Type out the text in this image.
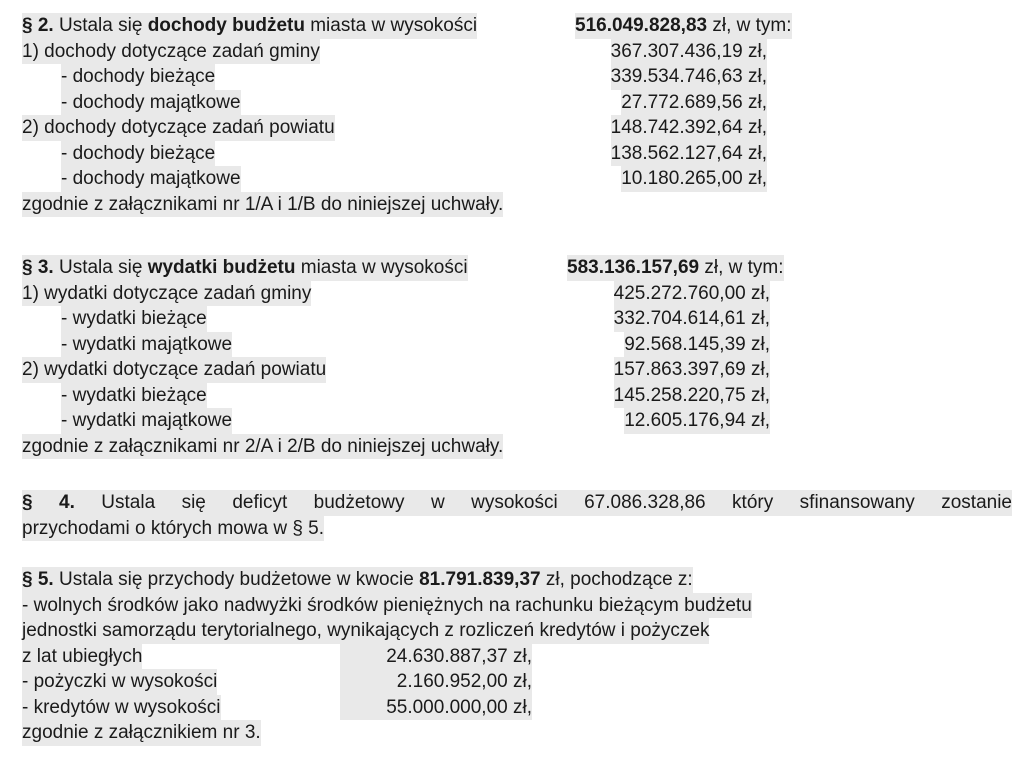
§ 2. Ustala się dochody budżetu miasta w wysokości	516.049.828,83 zł, w tym:
1) dochody dotyczące zadań gminy	367.307.436,19 zł,
- dochody bieżące	339.534.746,63 zł,
- dochody majątkowe	27.772.689,56 zł,
2) dochody dotyczące zadań powiatu	148.742.392,64 zł,
- dochody bieżące	138.562.127,64 zł,
- dochody majątkowe	10.180.265,00 zł,
zgodnie z załącznikami nr 1/A i 1/B do niniejszej uchwały.
§ 3. Ustala się wydatki budżetu miasta w wysokości	583.136.157,69 zł, w tym:
1) wydatki dotyczące zadań gminy	425.272.760,00 zł,
- wydatki bieżące	332.704.614,61 zł,
- wydatki majątkowe	92.568.145,39 zł,
2) wydatki dotyczące zadań powiatu	157.863.397,69 zł,
- wydatki bieżące	145.258.220,75 zł,
- wydatki majątkowe	12.605.176,94 zł,
zgodnie z załącznikami nr 2/A i 2/B do niniejszej uchwały.
§ 4. Ustala się deficyt budżetowy w wysokości 67.086.328,86 który sfinansowany zostanie
przychodami o których mowa w § 5.
§ 5. Ustala się przychody budżetowe w kwocie 81.791.839,37 zł, pochodzące z:
- wolnych środków jako nadwyżki środków pieniężnych na rachunku bieżącym budżetu
jednostki samorządu terytorialnego, wynikających z rozliczeń kredytów i pożyczek
z lat ubiegłych	24.630.887,37 zł,
- pożyczki w wysokości	2.160.952,00 zł,
- kredytów w wysokości	55.000.000,00 zł,
zgodnie z załącznikiem nr 3.
